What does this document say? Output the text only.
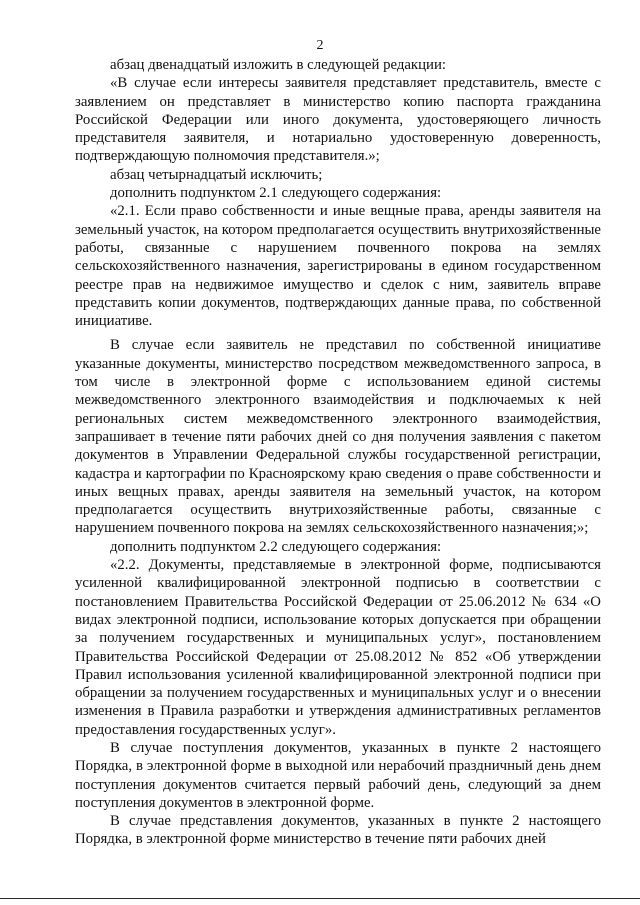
2

абзац двенадцатый изложить в следующей редакции:

«В случае если интересы заявителя представляет представитель, вместе с заявлением он представляет в министерство копию паспорта гражданина Российской Федерации или иного документа, удостоверяющего личность представителя заявителя, и нотариально удостоверенную доверенность, подтверждающую полномочия представителя.»;

абзац четырнадцатый исключить;

дополнить подпунктом 2.1 следующего содержания:

«2.1. Если право собственности и иные вещные права, аренды заявителя на земельный участок, на котором предполагается осуществить внутрихозяйственные работы, связанные с нарушением почвенного покрова на землях сельскохозяйственного назначения, зарегистрированы в едином государственном реестре прав на недвижимое имущество и сделок с ним, заявитель вправе представить копии документов, подтверждающих данные права, по собственной инициативе.

В случае если заявитель не представил по собственной инициативе указанные документы, министерство посредством межведомственного запроса, в том числе в электронной форме с использованием единой системы межведомственного электронного взаимодействия и подключаемых к ней региональных систем межведомственного электронного взаимодействия, запрашивает в течение пяти рабочих дней со дня получения заявления с пакетом документов в Управлении Федеральной службы государственной регистрации, кадастра и картографии по Красноярскому краю сведения о праве собственности и иных вещных правах, аренды заявителя на земельный участок, на котором предполагается осуществить внутрихозяйственные работы, связанные с нарушением почвенного покрова на землях сельскохозяйственного назначения;»;

дополнить подпунктом 2.2 следующего содержания:

«2.2. Документы, представляемые в электронной форме, подписываются усиленной квалифицированной электронной подписью в соответствии с постановлением Правительства Российской Федерации от 25.06.2012 № 634 «О видах электронной подписи, использование которых допускается при обращении за получением государственных и муниципальных услуг», постановлением Правительства Российской Федерации от 25.08.2012 № 852 «Об утверждении Правил использования усиленной квалифицированной электронной подписи при обращении за получением государственных и муниципальных услуг и о внесении изменения в Правила разработки и утверждения административных регламентов предоставления государственных услуг».

В случае поступления документов, указанных в пункте 2 настоящего Порядка, в электронной форме в выходной или нерабочий праздничный день днем поступления документов считается первый рабочий день, следующий за днем поступления документов в электронной форме.

В случае представления документов, указанных в пункте 2 настоящего Порядка, в электронной форме министерство в течение пяти рабочих дней
